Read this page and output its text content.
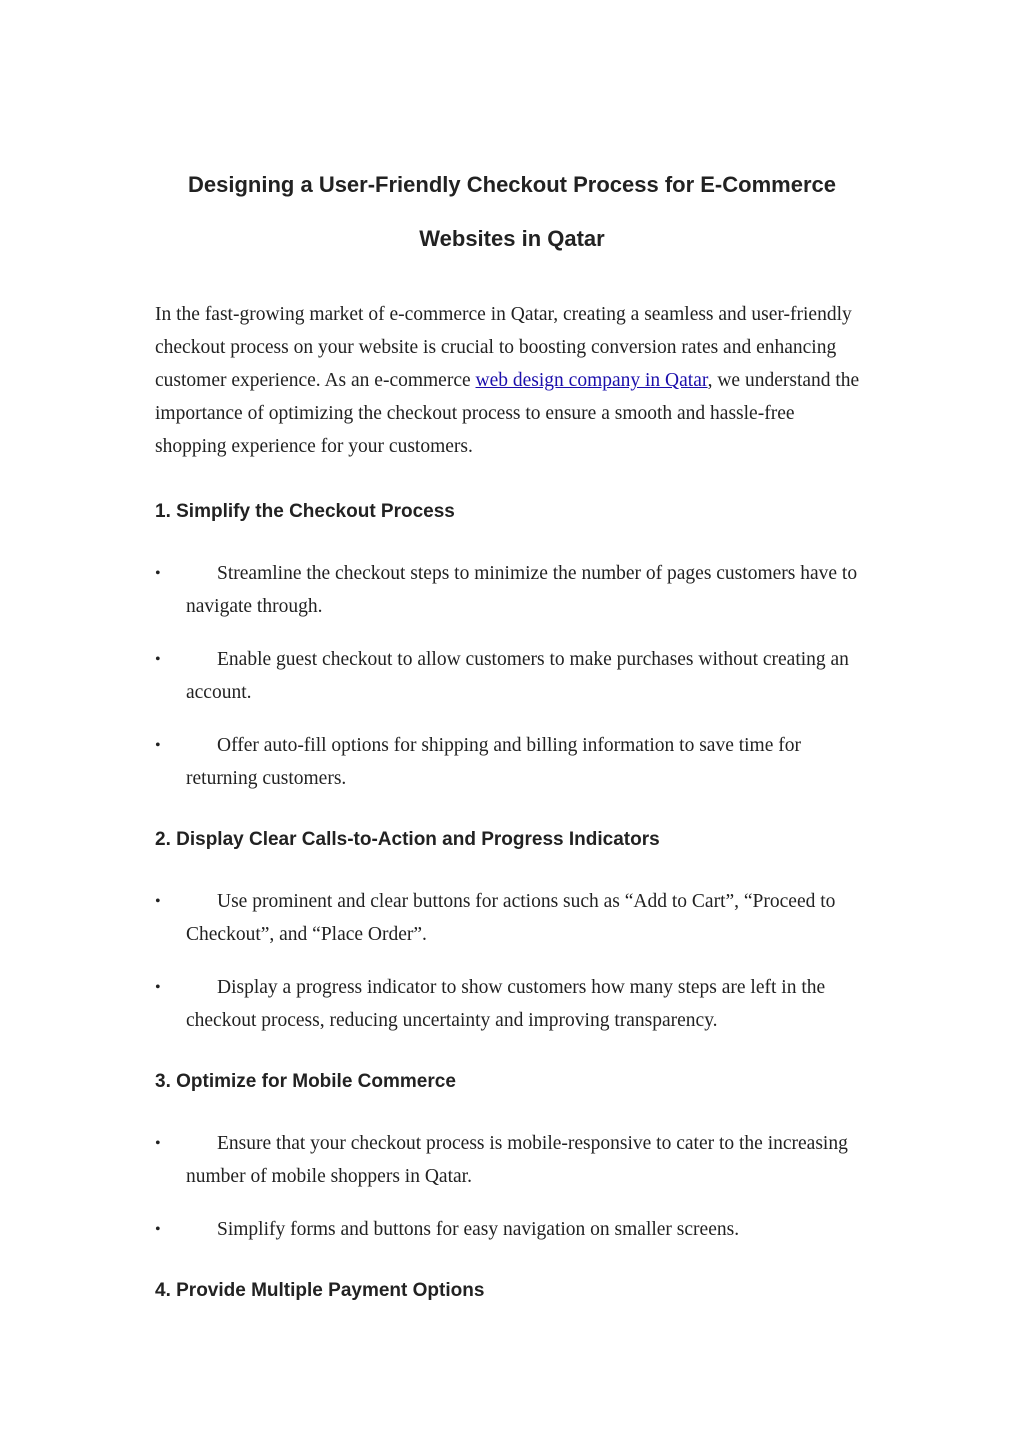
Designing a User-Friendly Checkout Process for E-Commerce
Websites in Qatar

In the fast-growing market of e-commerce in Qatar, creating a seamless and user-friendly checkout process on your website is crucial to boosting conversion rates and enhancing customer experience. As an e-commerce web design company in Qatar, we understand the importance of optimizing the checkout process to ensure a smooth and hassle-free shopping experience for your customers.

1. Simplify the Checkout Process
•	Streamline the checkout steps to minimize the number of pages customers have to navigate through.
•	Enable guest checkout to allow customers to make purchases without creating an account.
•	Offer auto-fill options for shipping and billing information to save time for returning customers.
2. Display Clear Calls-to-Action and Progress Indicators
•	Use prominent and clear buttons for actions such as “Add to Cart”, “Proceed to Checkout”, and “Place Order”.
•	Display a progress indicator to show customers how many steps are left in the checkout process, reducing uncertainty and improving transparency.
3. Optimize for Mobile Commerce
•	Ensure that your checkout process is mobile-responsive to cater to the increasing number of mobile shoppers in Qatar.
•	Simplify forms and buttons for easy navigation on smaller screens.
4. Provide Multiple Payment Options
